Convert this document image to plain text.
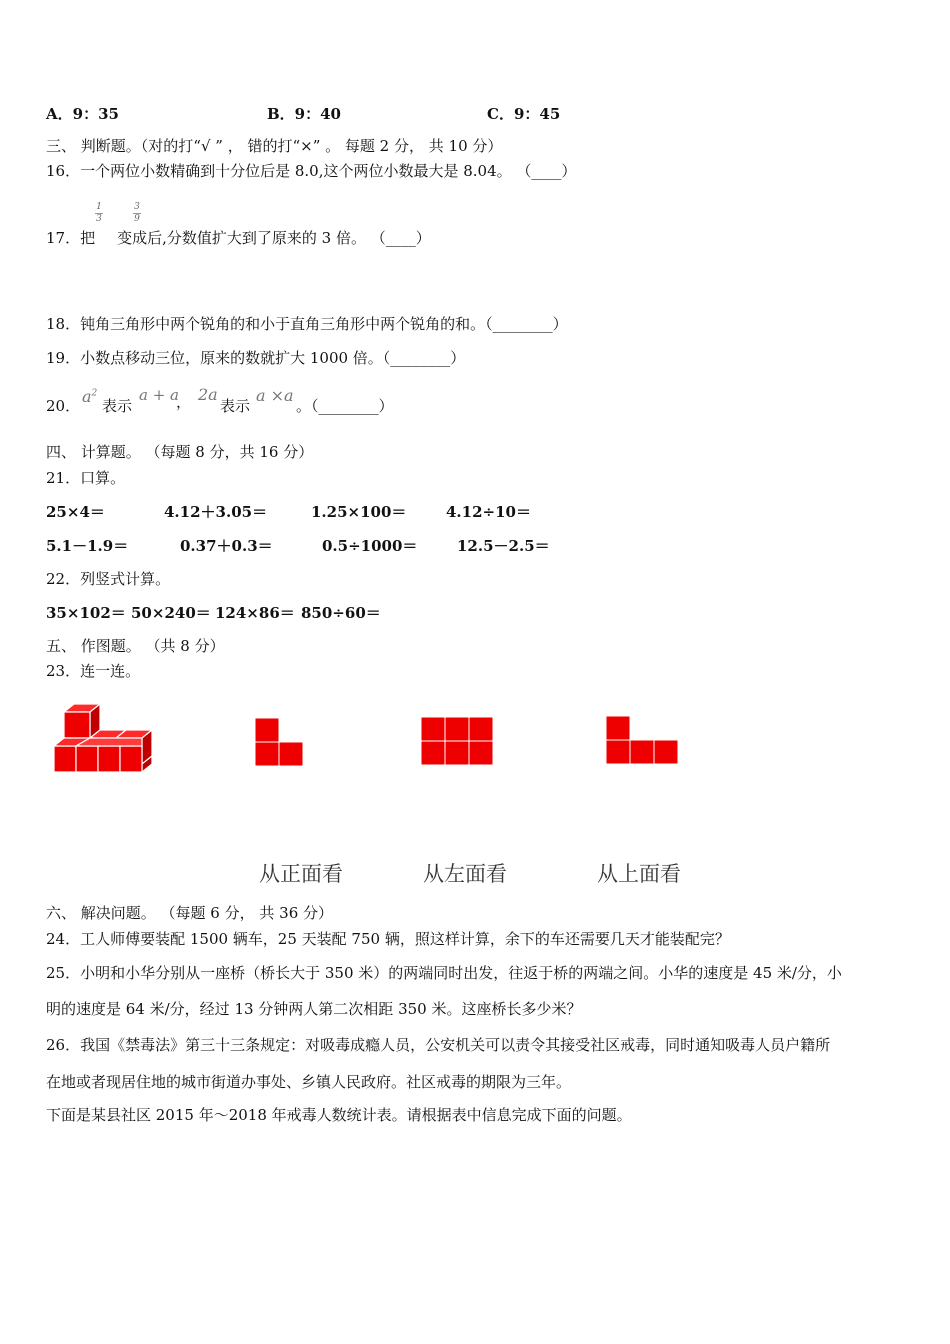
A．9：35	B．9：40	C．9：45
三、 判断题。（对的打“√ ” ， 错的打“×” 。 每题 2 分， 共 10 分）
16．一个两位小数精确到十分位后是 8.0,这个两位小数最大是 8.04。 （____）
17．把 变成后,分数值扩大到了原来的 3 倍。 （____）
1
3
3
9
18．钝角三角形中两个锐角的和小于直角三角形中两个锐角的和。（________）
19．小数点移动三位，原来的数就扩大 1000 倍。（________）
20． $a^2$
表示
a + a
， 2a
表示
a ×a
。（________）
四、 计算题。 （每题 8 分，共 16 分）
21．口算。
25×4＝	4.12＋3.05＝	1.25×100＝	4.12÷10＝
5.1－1.9＝	0.37＋0.3＝	0.5÷1000＝	12.5－2.5＝
22．列竖式计算。
35×102＝ 50×240＝ 124×86＝ 850÷60＝
五、 作图题。 （共 8 分）
23．连一连。
从正面看	从左面看	从上面看
六、 解决问题。 （每题 6 分， 共 36 分）
24．工人师傅要装配 1500 辆车，25 天装配 750 辆，照这样计算，余下的车还需要几天才能装配完？
25．小明和小华分别从一座桥（桥长大于 350 米）的两端同时出发，往返于桥的两端之间。小华的速度是 45 米/分，小
明的速度是 64 米/分，经过 13 分钟两人第二次相距 350 米。这座桥长多少米？
26．我国《禁毒法》第三十三条规定：对吸毒成瘾人员，公安机关可以责令其接受社区戒毒，同时通知吸毒人员户籍所
在地或者现居住地的城市街道办事处、乡镇人民政府。社区戒毒的期限为三年。
下面是某县社区 2015 年～2018 年戒毒人数统计表。请根据表中信息完成下面的问题。
